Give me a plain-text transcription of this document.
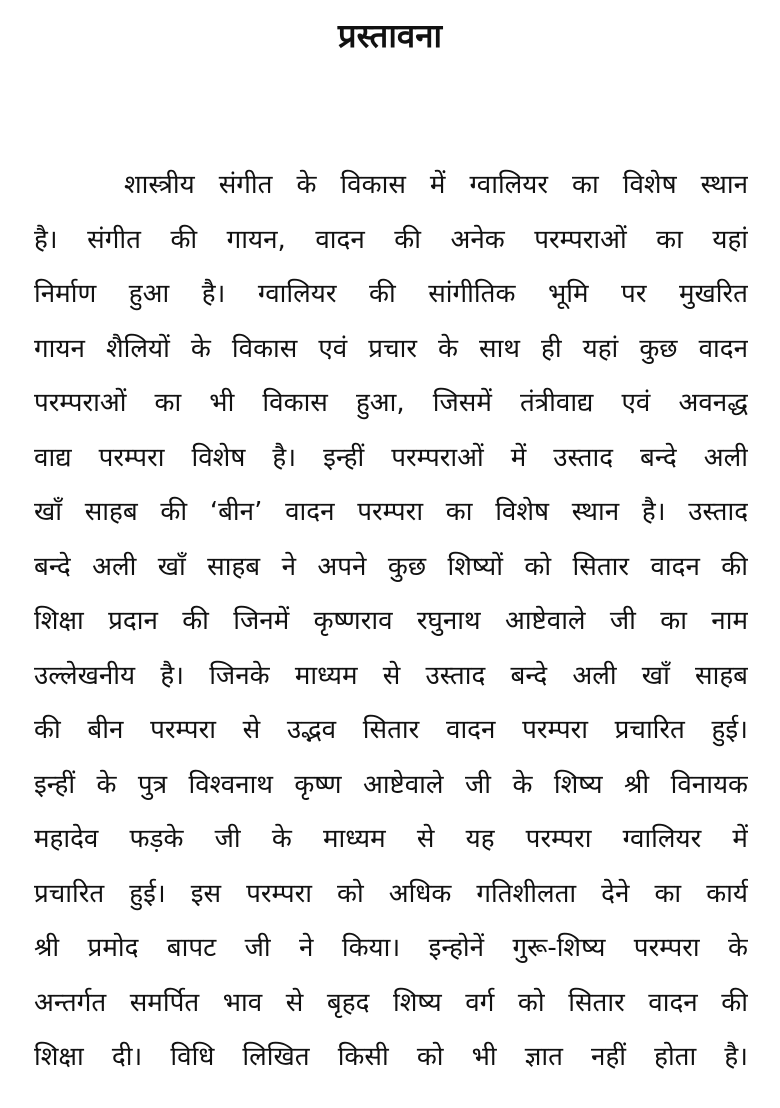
प्रस्तावना
शास्त्रीय संगीत के विकास में ग्वालियर का विशेष स्थान
है। संगीत की गायन, वादन की अनेक परम्पराओं का यहां
निर्माण हुआ है। ग्वालियर की सांगीतिक भूमि पर मुखरित
गायन शैलियों के विकास एवं प्रचार के साथ ही यहां कुछ वादन
परम्पराओं का भी विकास हुआ, जिसमें तंत्रीवाद्य एवं अवनद्ध
वाद्य परम्परा विशेष है। इन्हीं परम्पराओं में उस्ताद बन्दे अली
खाँ साहब की ‘बीन’ वादन परम्परा का विशेष स्थान है। उस्ताद
बन्दे अली खाँ साहब ने अपने कुछ शिष्यों को सितार वादन की
शिक्षा प्रदान की जिनमें कृष्णराव रघुनाथ आष्टेवाले जी का नाम
उल्लेखनीय है। जिनके माध्यम से उस्ताद बन्दे अली खाँ साहब
की बीन परम्परा से उद्भव सितार वादन परम्परा प्रचारित हुई।
इन्हीं के पुत्र विश्वनाथ कृष्ण आष्टेवाले जी के शिष्य श्री विनायक
महादेव फड़के जी के माध्यम से यह परम्परा ग्वालियर में
प्रचारित हुई। इस परम्परा को अधिक गतिशीलता देने का कार्य
श्री प्रमोद बापट जी ने किया। इन्होनें गुरू-शिष्य परम्परा के
अन्तर्गत समर्पित भाव से बृहद शिष्य वर्ग को सितार वादन की
शिक्षा दी। विधि लिखित किसी को भी ज्ञात नहीं होता है।
